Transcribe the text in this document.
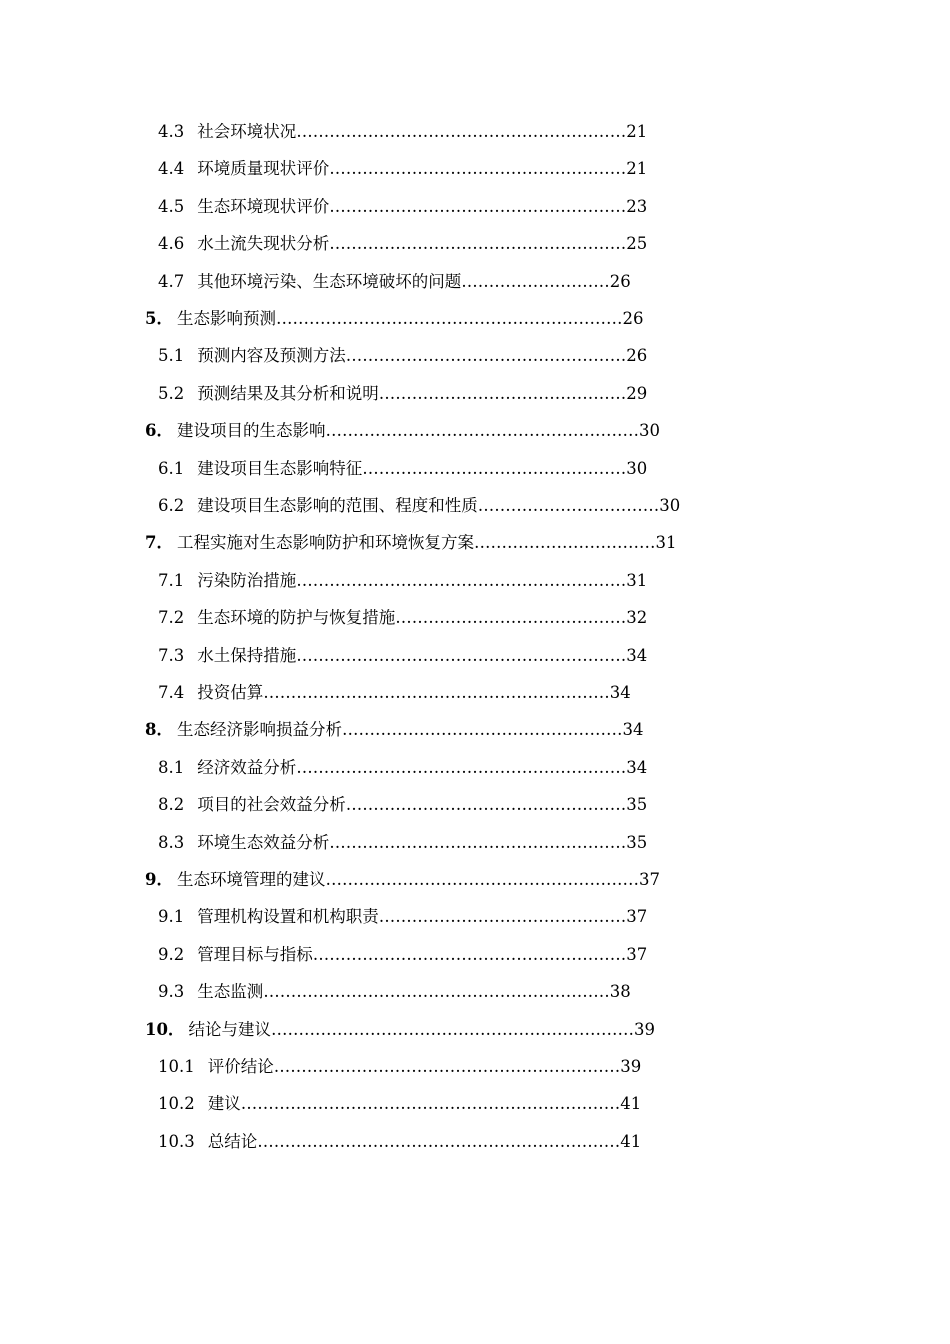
4.3 社会环境状况……………………………………………………21
4.4 环境质量现状评价………………………………………………21
4.5 生态环境现状评价………………………………………………23
4.6 水土流失现状分析………………………………………………25
4.7 其他环境污染、生态环境破坏的问题………………………26
5． 生态影响预测………………………………………………………26
5.1 预测内容及预测方法……………………………………………26
5.2 预测结果及其分析和说明………………………………………29
6． 建设项目的生态影响…………………………………………………30
6.1 建设项目生态影响特征…………………………………………30
6.2 建设项目生态影响的范围、程度和性质……………………………30
7． 工程实施对生态影响防护和环境恢复方案……………………………31
7.1 污染防治措施……………………………………………………31
7.2 生态环境的防护与恢复措施……………………………………32
7.3 水土保持措施……………………………………………………34
7.4 投资估算………………………………………………………34
8． 生态经济影响损益分析……………………………………………34
8.1 经济效益分析……………………………………………………34
8.2 项目的社会效益分析……………………………………………35
8.3 环境生态效益分析………………………………………………35
9． 生态环境管理的建议…………………………………………………37
9.1 管理机构设置和机构职责………………………………………37
9.2 管理目标与指标…………………………………………………37
9.3 生态监测………………………………………………………38
10． 结论与建议…………………………………………………………39
10.1 评价结论………………………………………………………39
10.2 建议……………………………………………………………41
10.3 总结论…………………………………………………………41
